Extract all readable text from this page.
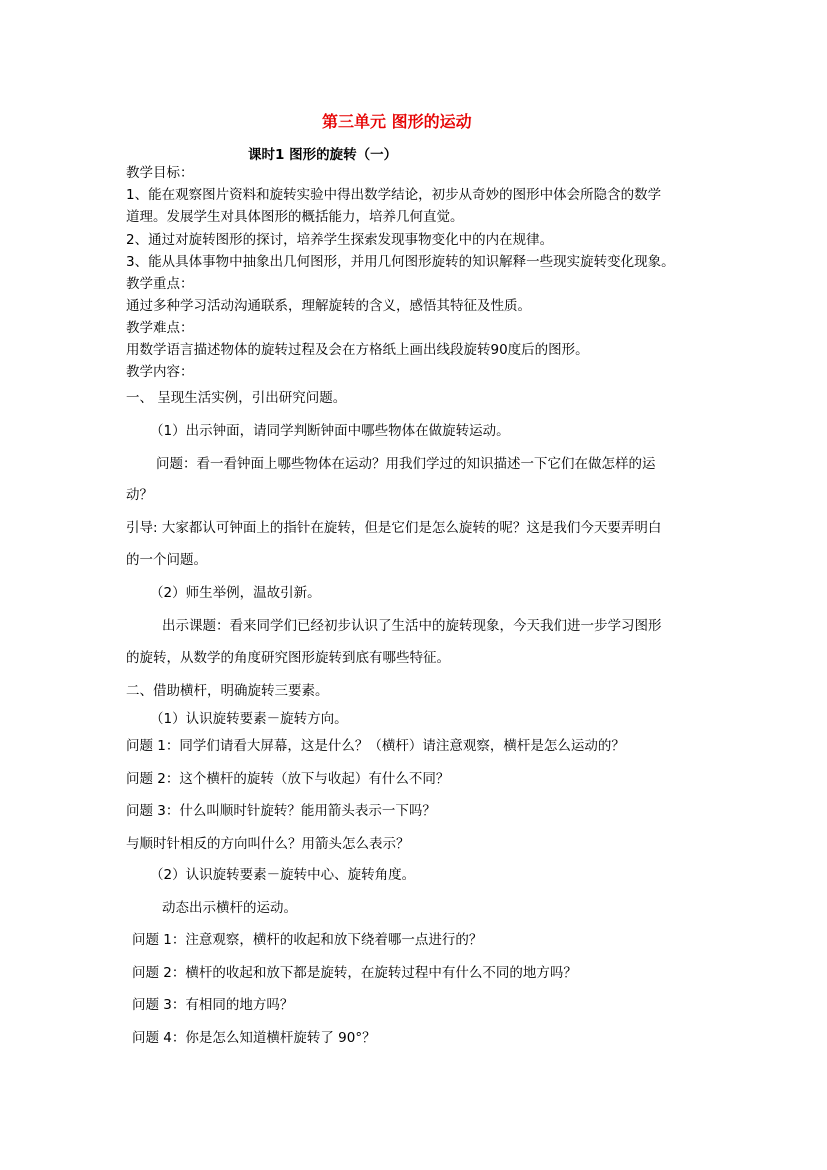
第三单元 图形的运动
课时1 图形的旋转（一）
教学目标：
1、能在观察图片资料和旋转实验中得出数学结论，初步从奇妙的图形中体会所隐含的数学
道理。发展学生对具体图形的概括能力，培养几何直觉。
2、通过对旋转图形的探讨，培养学生探索发现事物变化中的内在规律。
3、能从具体事物中抽象出几何图形，并用几何图形旋转的知识解释一些现实旋转变化现象。
教学重点：
通过多种学习活动沟通联系，理解旋转的含义，感悟其特征及性质。
教学难点：
用数学语言描述物体的旋转过程及会在方格纸上画出线段旋转90度后的图形。
教学内容：
一、 呈现生活实例，引出研究问题。
（1）出示钟面，请同学判断钟面中哪些物体在做旋转运动。
问题：看一看钟面上哪些物体在运动？用我们学过的知识描述一下它们在做怎样的运
动？
引导: 大家都认可钟面上的指针在旋转，但是它们是怎么旋转的呢？这是我们今天要弄明白
的一个问题。
（2）师生举例，温故引新。
出示课题：看来同学们已经初步认识了生活中的旋转现象，今天我们进一步学习图形
的旋转，从数学的角度研究图形旋转到底有哪些特征。
二、借助横杆，明确旋转三要素。
（1）认识旋转要素－旋转方向。
问题 1：同学们请看大屏幕，这是什么？（横杆）请注意观察，横杆是怎么运动的？
问题 2：这个横杆的旋转（放下与收起）有什么不同？
问题 3：什么叫顺时针旋转？能用箭头表示一下吗？
与顺时针相反的方向叫什么？用箭头怎么表示？
（2）认识旋转要素－旋转中心、旋转角度。
动态出示横杆的运动。
问题 1：注意观察，横杆的收起和放下绕着哪一点进行的？
问题 2：横杆的收起和放下都是旋转，在旋转过程中有什么不同的地方吗？
问题 3：有相同的地方吗？
问题 4：你是怎么知道横杆旋转了 90°？
